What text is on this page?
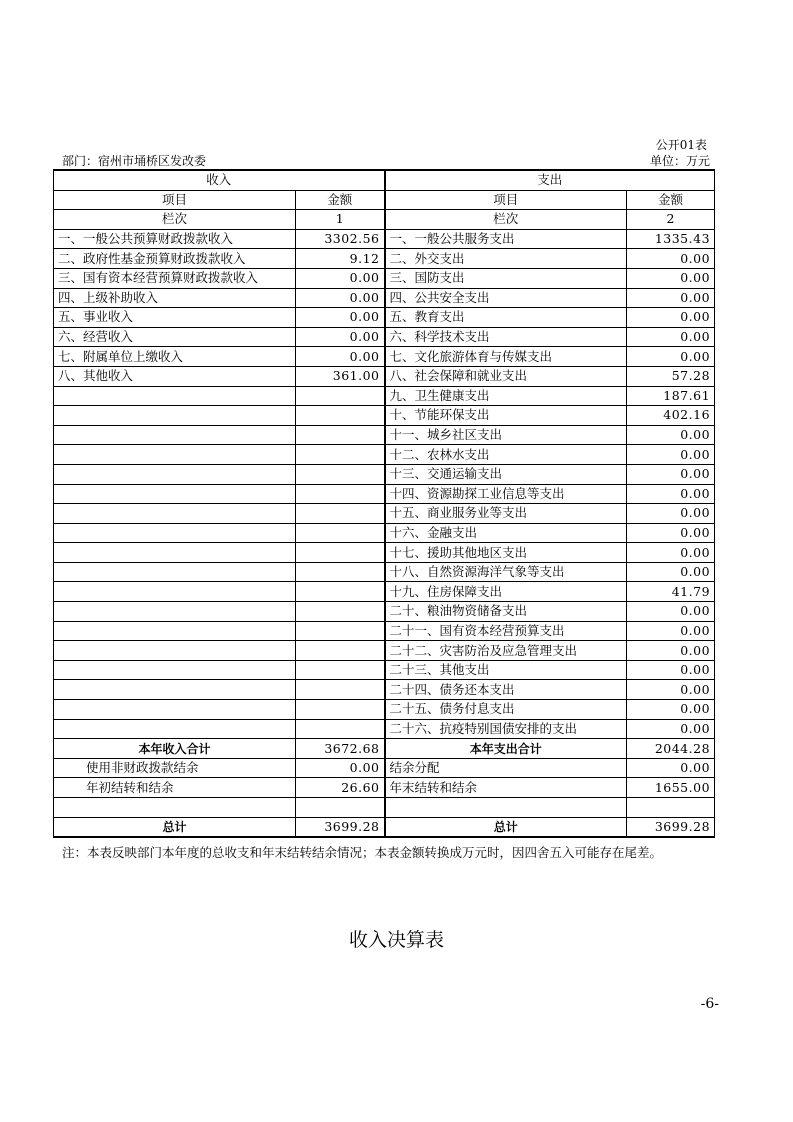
公开01表
部门：宿州市埇桥区发改委	单位：万元
收入		支出	
项目	金额	项目	金额
栏次	1	栏次	2
一、一般公共预算财政拨款收入	3302.56	一、一般公共服务支出	1335.43
二、政府性基金预算财政拨款收入	9.12	二、外交支出	0.00
三、国有资本经营预算财政拨款收入	0.00	三、国防支出	0.00
四、上级补助收入	0.00	四、公共安全支出	0.00
五、事业收入	0.00	五、教育支出	0.00
六、经营收入	0.00	六、科学技术支出	0.00
七、附属单位上缴收入	0.00	七、文化旅游体育与传媒支出	0.00
八、其他收入	361.00	八、社会保障和就业支出	57.28
		九、卫生健康支出	187.61
		十、节能环保支出	402.16
		十一、城乡社区支出	0.00
		十二、农林水支出	0.00
		十三、交通运输支出	0.00
		十四、资源勘探工业信息等支出	0.00
		十五、商业服务业等支出	0.00
		十六、金融支出	0.00
		十七、援助其他地区支出	0.00
		十八、自然资源海洋气象等支出	0.00
		十九、住房保障支出	41.79
		二十、粮油物资储备支出	0.00
		二十一、国有资本经营预算支出	0.00
		二十二、灾害防治及应急管理支出	0.00
		二十三、其他支出	0.00
		二十四、债务还本支出	0.00
		二十五、债务付息支出	0.00
		二十六、抗疫特别国债安排的支出	0.00
本年收入合计	3672.68	本年支出合计	2044.28
使用非财政拨款结余	0.00	结余分配	0.00
年初结转和结余	26.60	年末结转和结余	1655.00

总计	3699.28	总计	3699.28
注：本表反映部门本年度的总收支和年末结转结余情况；本表金额转换成万元时，因四舍五入可能存在尾差。
收入决算表
-6-
